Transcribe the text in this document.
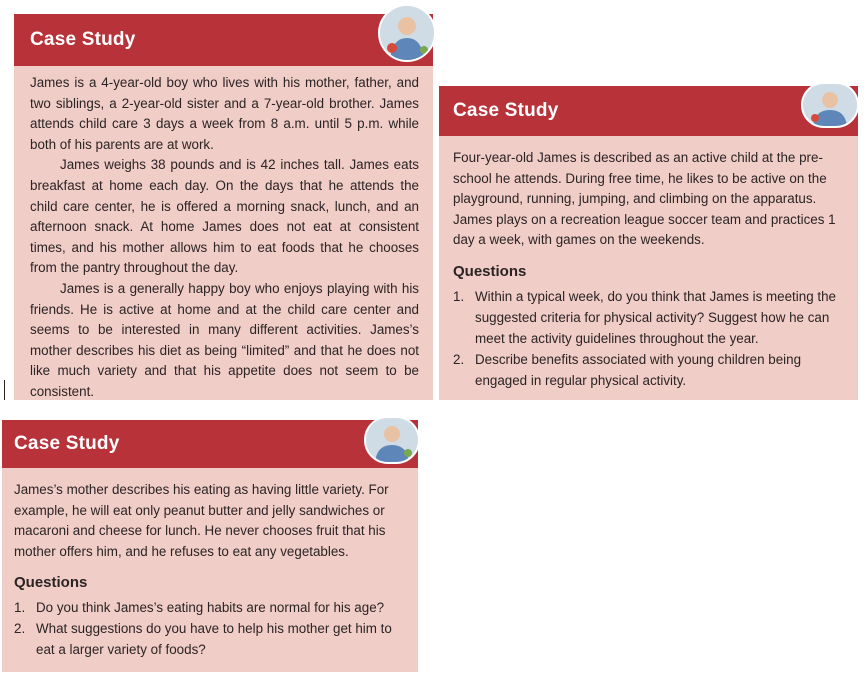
Case Study

James is a 4-year-old boy who lives with his mother, father, and two siblings, a 2-year-old sister and a 7-year-old brother. James attends child care 3 days a week from 8 a.m. until 5 p.m. while both of his parents are at work.

James weighs 38 pounds and is 42 inches tall. James eats breakfast at home each day. On the days that he attends the child care center, he is offered a morning snack, lunch, and an afternoon snack. At home James does not eat at consistent times, and his mother allows him to eat foods that he chooses from the pantry throughout the day.

James is a generally happy boy who enjoys playing with his friends. He is active at home and at the child care center and seems to be interested in many different activities. James’s mother describes his diet as being “limited” and that he does not like much variety and that his appetite does not seem to be consistent.

Case Study

Four-year-old James is described as an active child at the pre-school he attends. During free time, he likes to be active on the playground, running, jumping, and climbing on the apparatus. James plays on a recreation league soccer team and practices 1 day a week, with games on the weekends.

Questions
1. Within a typical week, do you think that James is meeting the suggested criteria for physical activity? Suggest how he can meet the activity guidelines throughout the year.
2. Describe benefits associated with young children being engaged in regular physical activity.
Case Study

James’s mother describes his eating as having little variety. For example, he will eat only peanut butter and jelly sandwiches or macaroni and cheese for lunch. He never chooses fruit that his mother offers him, and he refuses to eat any vegetables.

Questions
1. Do you think James’s eating habits are normal for his age?
2. What suggestions do you have to help his mother get him to eat a larger variety of foods?
